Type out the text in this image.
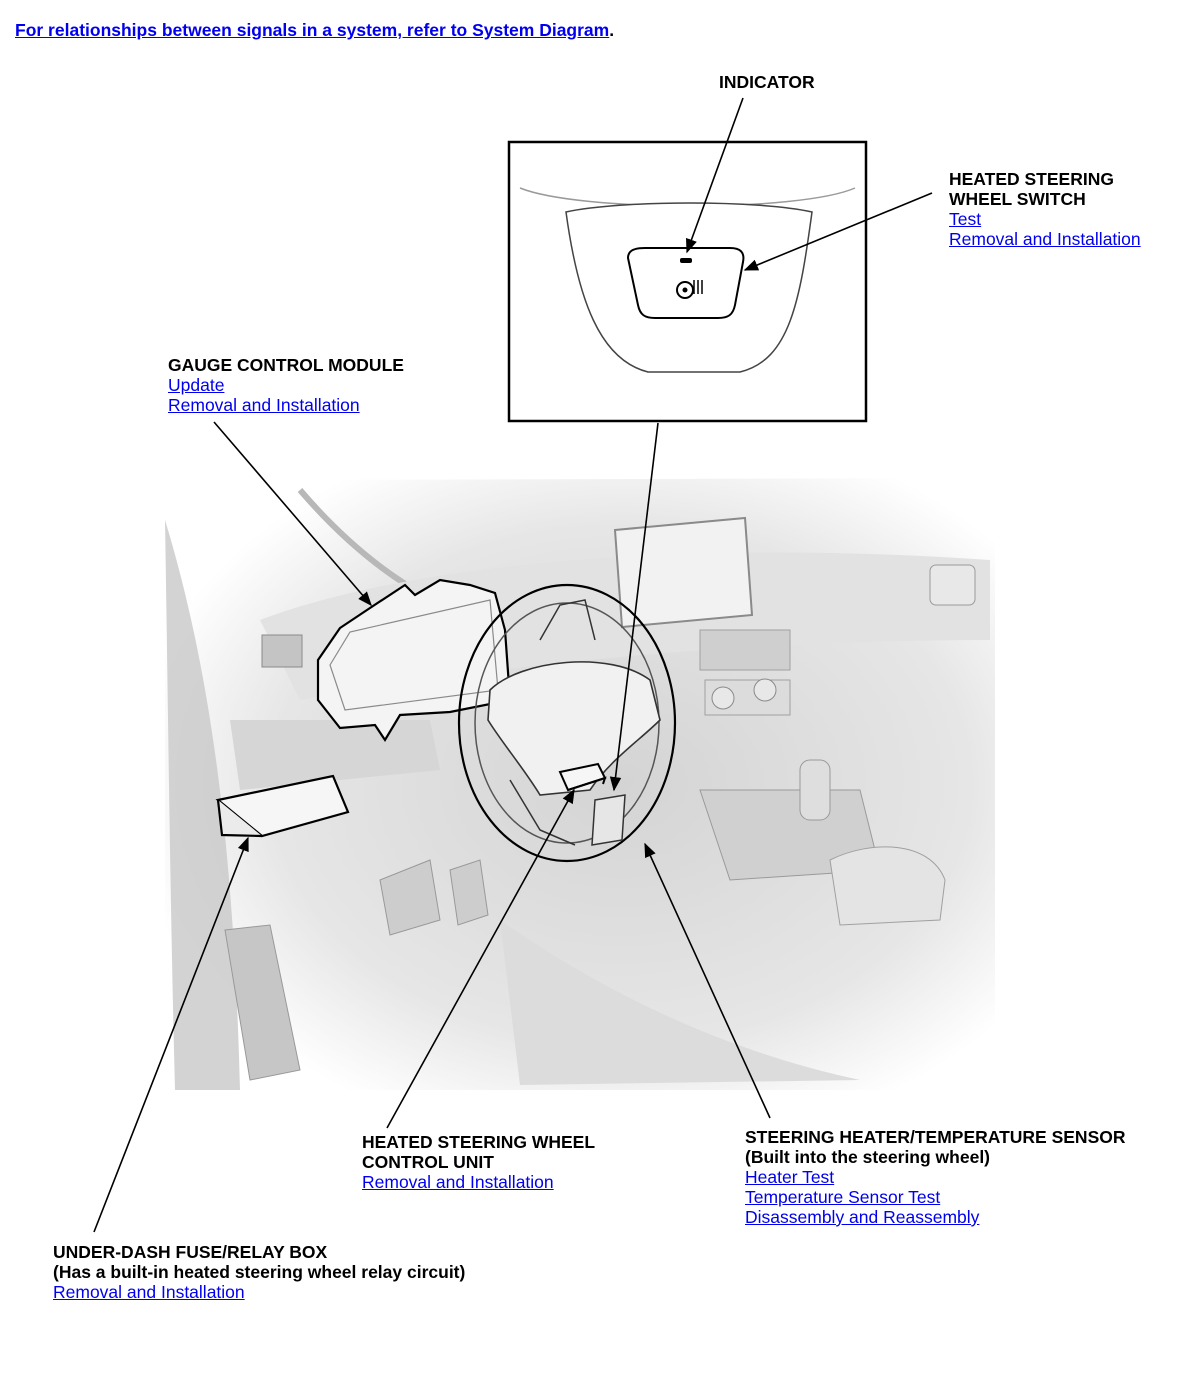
For relationships between signals in a system, refer to System Diagram.
INDICATOR
HEATED STEERING
WHEEL SWITCH
Test
Removal and Installation
GAUGE CONTROL MODULE
Update
Removal and Installation
HEATED STEERING WHEEL
CONTROL UNIT
Removal and Installation
STEERING HEATER/TEMPERATURE SENSOR
(Built into the steering wheel)
Heater Test
Temperature Sensor Test
Disassembly and Reassembly
UNDER-DASH FUSE/RELAY BOX
(Has a built-in heated steering wheel relay circuit)
Removal and Installation
